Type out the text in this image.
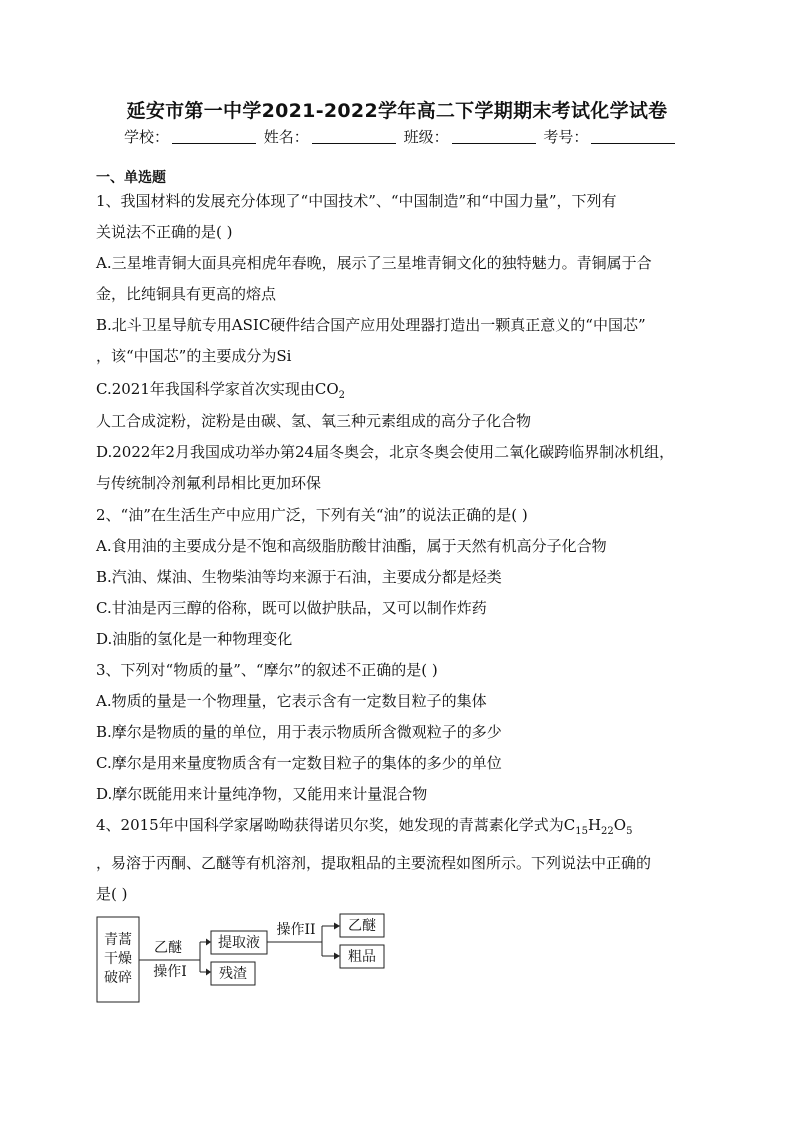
延安市第一中学2021-2022学年高二下学期期末考试化学试卷
学校：	姓名：	班级：	考号：
一、单选题
1、我国材料的发展充分体现了“中国技术”、“中国制造”和“中国力量”，下列有
关说法不正确的是( )
A.三星堆青铜大面具亮相虎年春晚，展示了三星堆青铜文化的独特魅力。青铜属于合
金，比纯铜具有更高的熔点
B.北斗卫星导航专用ASIC硬件结合国产应用处理器打造出一颗真正意义的“中国芯”
，该“中国芯”的主要成分为Si
C.2021年我国科学家首次实现由$CO_2$
人工合成淀粉，淀粉是由碳、氢、氧三种元素组成的高分子化合物
D.2022年2月我国成功举办第24届冬奥会，北京冬奥会使用二氧化碳跨临界制冰机组，
与传统制冷剂氟利昂相比更加环保
2、“油”在生活生产中应用广泛，下列有关“油”的说法正确的是( )
A.食用油的主要成分是不饱和高级脂肪酸甘油酯，属于天然有机高分子化合物
B.汽油、煤油、生物柴油等均来源于石油，主要成分都是烃类
C.甘油是丙三醇的俗称，既可以做护肤品，又可以制作炸药
D.油脂的氢化是一种物理变化
3、下列对“物质的量”、“摩尔”的叙述不正确的是( )
A.物质的量是一个物理量，它表示含有一定数目粒子的集体
B.摩尔是物质的量的单位，用于表示物质所含微观粒子的多少
C.摩尔是用来量度物质含有一定数目粒子的集体的多少的单位
D.摩尔既能用来计量纯净物，又能用来计量混合物
4、2015年中国科学家屠呦呦获得诺贝尔奖，她发现的青蒿素化学式为$C_{15}H_{22}O_5$
，易溶于丙酮、乙醚等有机溶剂，提取粗品的主要流程如图所示。下列说法中正确的
是( )
青蒿
干燥
破碎
乙醚
操作I
提取液
残渣
操作II 乙醚
粗品
